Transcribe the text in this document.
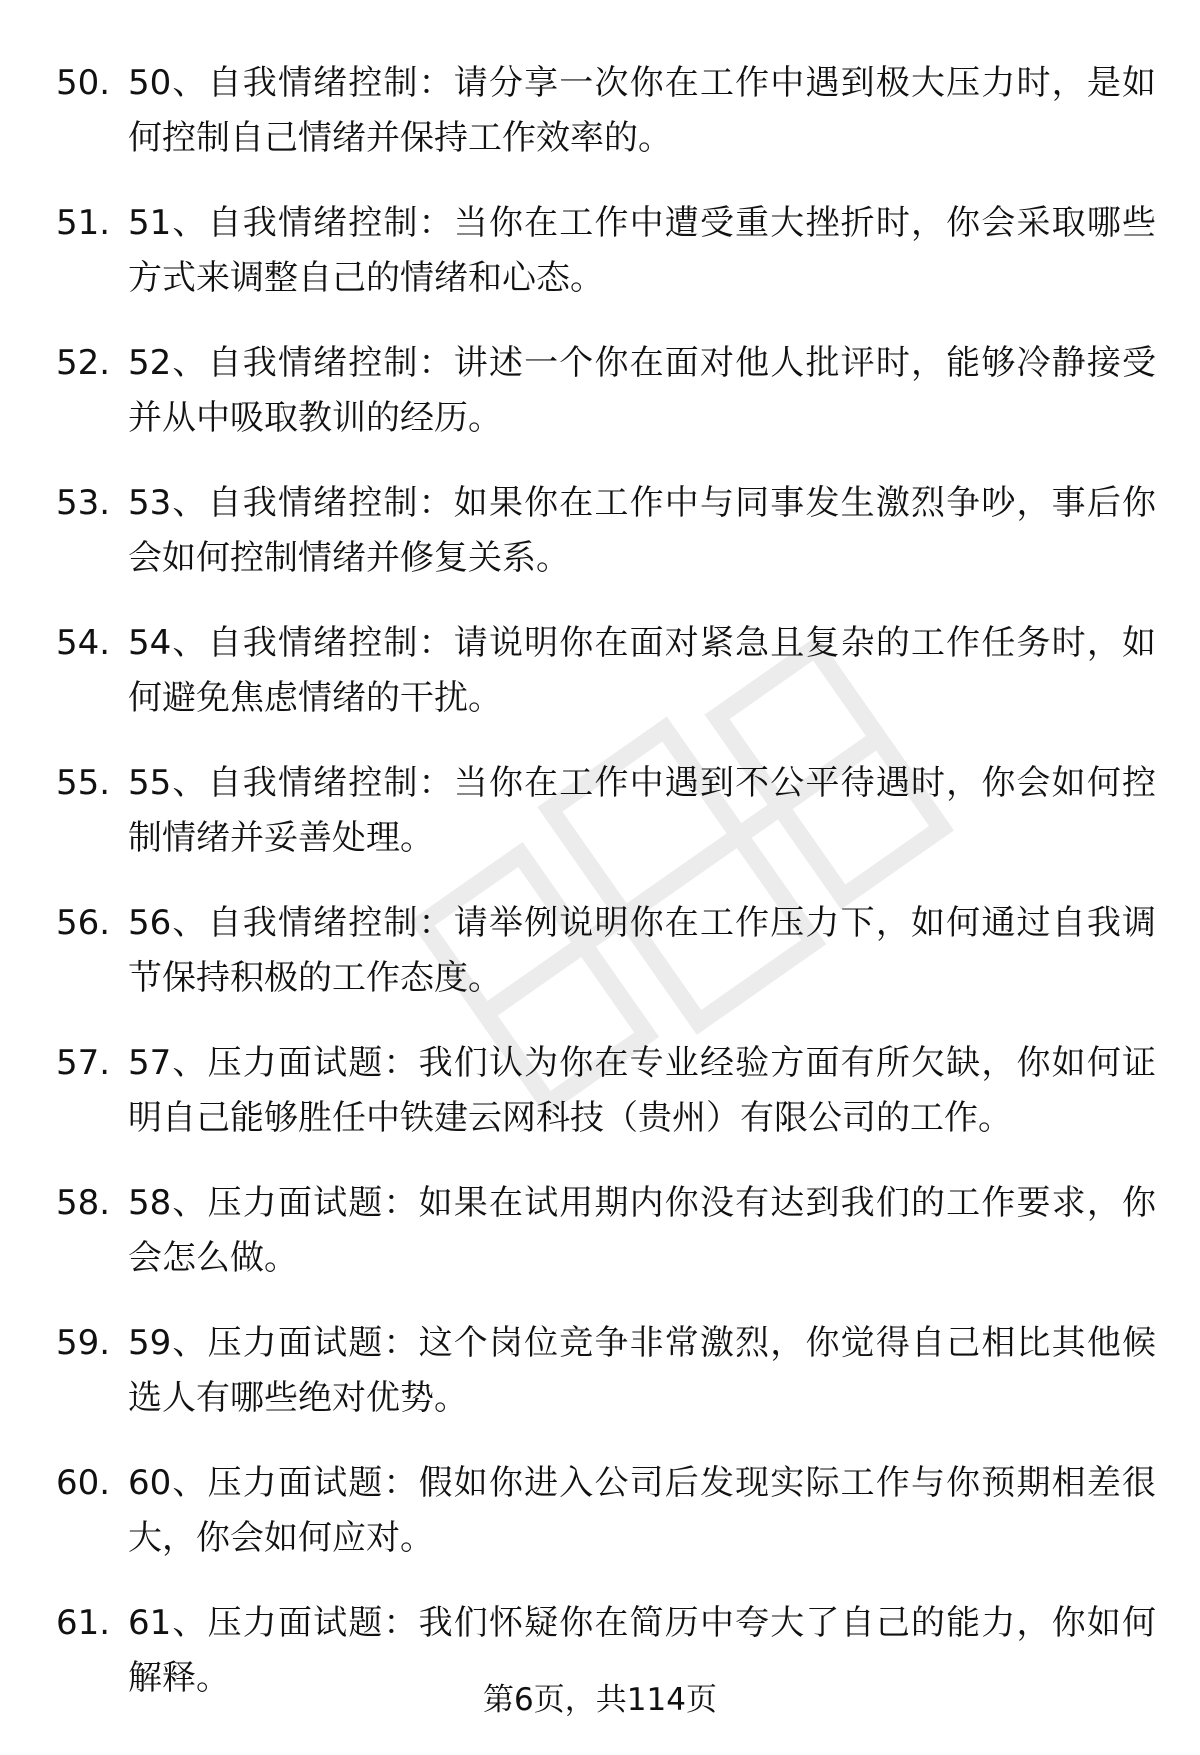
50. 50、自我情绪控制：请分享一次你在工作中遇到极大压力时，是如何控制自己情绪并保持工作效率的。
51. 51、自我情绪控制：当你在工作中遭受重大挫折时，你会采取哪些方式来调整自己的情绪和心态。
52. 52、自我情绪控制：讲述一个你在面对他人批评时，能够冷静接受并从中吸取教训的经历。
53. 53、自我情绪控制：如果你在工作中与同事发生激烈争吵，事后你会如何控制情绪并修复关系。
54. 54、自我情绪控制：请说明你在面对紧急且复杂的工作任务时，如何避免焦虑情绪的干扰。
55. 55、自我情绪控制：当你在工作中遇到不公平待遇时，你会如何控制情绪并妥善处理。
56. 56、自我情绪控制：请举例说明你在工作压力下，如何通过自我调节保持积极的工作态度。
57. 57、压力面试题：我们认为你在专业经验方面有所欠缺，你如何证明自己能够胜任中铁建云网科技（贵州）有限公司的工作。
58. 58、压力面试题：如果在试用期内你没有达到我们的工作要求，你会怎么做。
59. 59、压力面试题：这个岗位竞争非常激烈，你觉得自己相比其他候选人有哪些绝对优势。
60. 60、压力面试题：假如你进入公司后发现实际工作与你预期相差很大，你会如何应对。
61. 61、压力面试题：我们怀疑你在简历中夸大了自己的能力，你如何解释。
第6页，共114页
